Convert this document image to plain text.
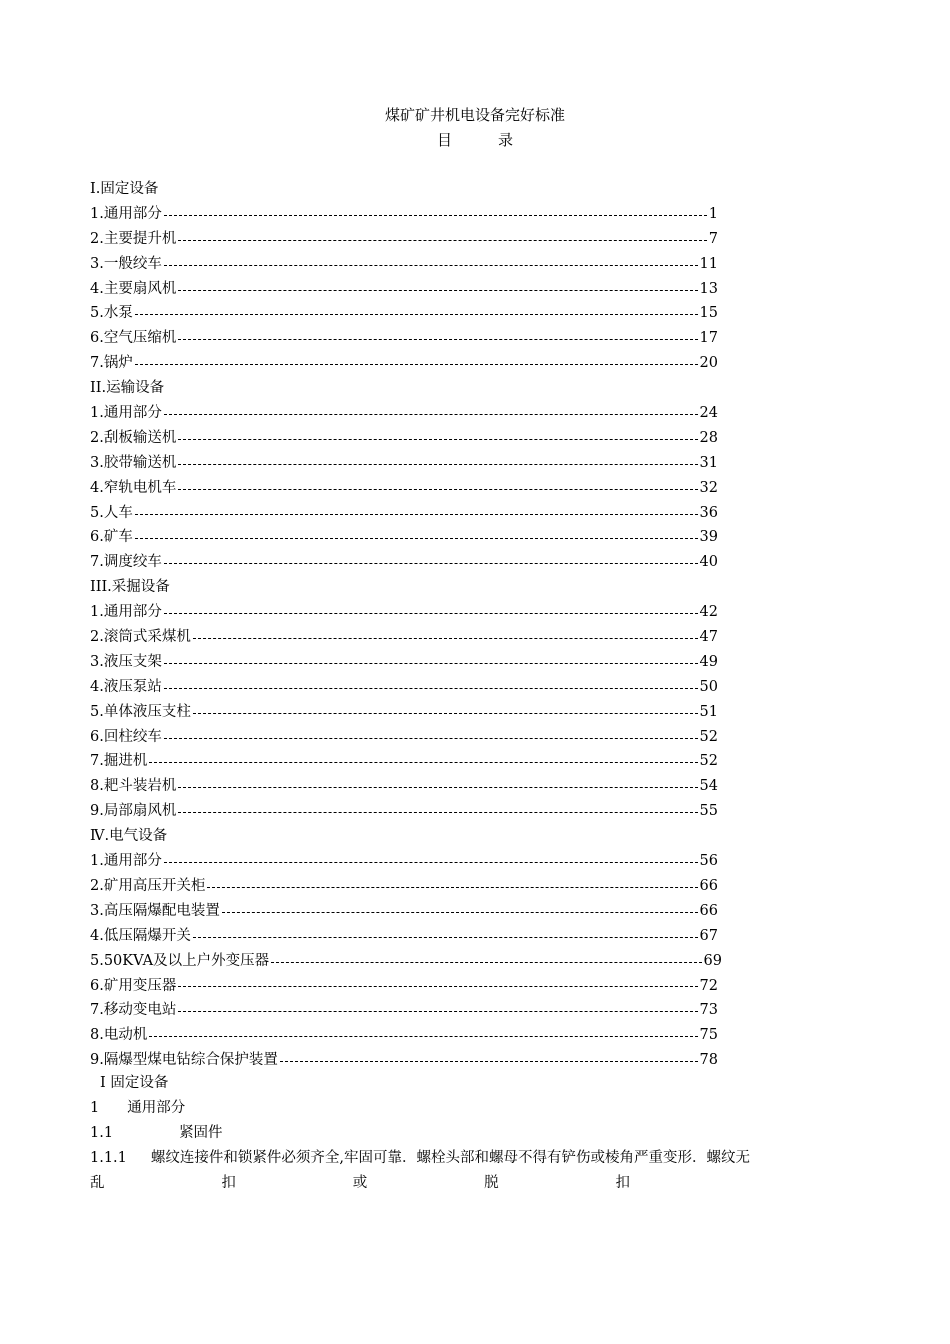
煤矿矿井机电设备完好标准
目	录
I.固定设备
1.通用部分	1
2.主要提升机	7
3.一般绞车	11
4.主要扇风机	13
5.水泵	15
6.空气压缩机	17
7.锅炉	20
II.运输设备
1.通用部分	24
2.刮板输送机	28
3.胶带输送机	31
4.窄轨电机车	32
5.人车	36
6.矿车	39
7.调度绞车	40
III.采掘设备
1.通用部分	42
2.滚筒式采煤机	47
3.液压支架	49
4.液压泵站	50
5.单体液压支柱	51
6.回柱绞车	52
7.掘进机	52
8.耙斗装岩机	54
9.局部扇风机	55
Ⅳ.电气设备
1.通用部分	56
2.矿用高压开关柜	66
3.高压隔爆配电装置	66
4.低压隔爆开关	67
5.50KVA及以上户外变压器	69
6.矿用变压器	72
7.移动变电站	73
8.电动机	75
9.隔爆型煤电钻综合保护装置	78
Ⅰ 固定设备
1 通用部分
1.1	紧固件
1.1.1 螺纹连接件和锁紧件必须齐全,牢固可靠．螺栓头部和螺母不得有铲伤或棱角严重变形．螺纹无
乱	扣	或	脱	扣
